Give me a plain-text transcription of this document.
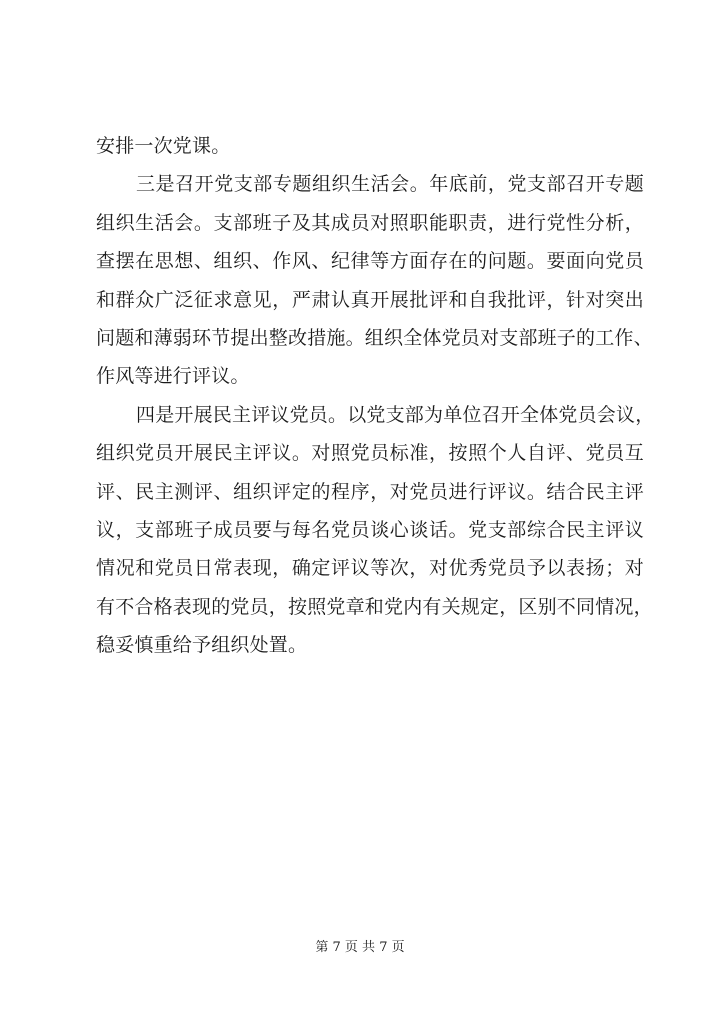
安排一次党课。
三是召开党支部专题组织生活会。年底前，党支部召开专题
组织生活会。支部班子及其成员对照职能职责，进行党性分析，
查摆在思想、组织、作风、纪律等方面存在的问题。要面向党员
和群众广泛征求意见，严肃认真开展批评和自我批评，针对突出
问题和薄弱环节提出整改措施。组织全体党员对支部班子的工作、
作风等进行评议。
四是开展民主评议党员。以党支部为单位召开全体党员会议，
组织党员开展民主评议。对照党员标准，按照个人自评、党员互
评、民主测评、组织评定的程序，对党员进行评议。结合民主评
议，支部班子成员要与每名党员谈心谈话。党支部综合民主评议
情况和党员日常表现，确定评议等次，对优秀党员予以表扬；对
有不合格表现的党员，按照党章和党内有关规定，区别不同情况，
稳妥慎重给予组织处置。
第 7 页 共 7 页
